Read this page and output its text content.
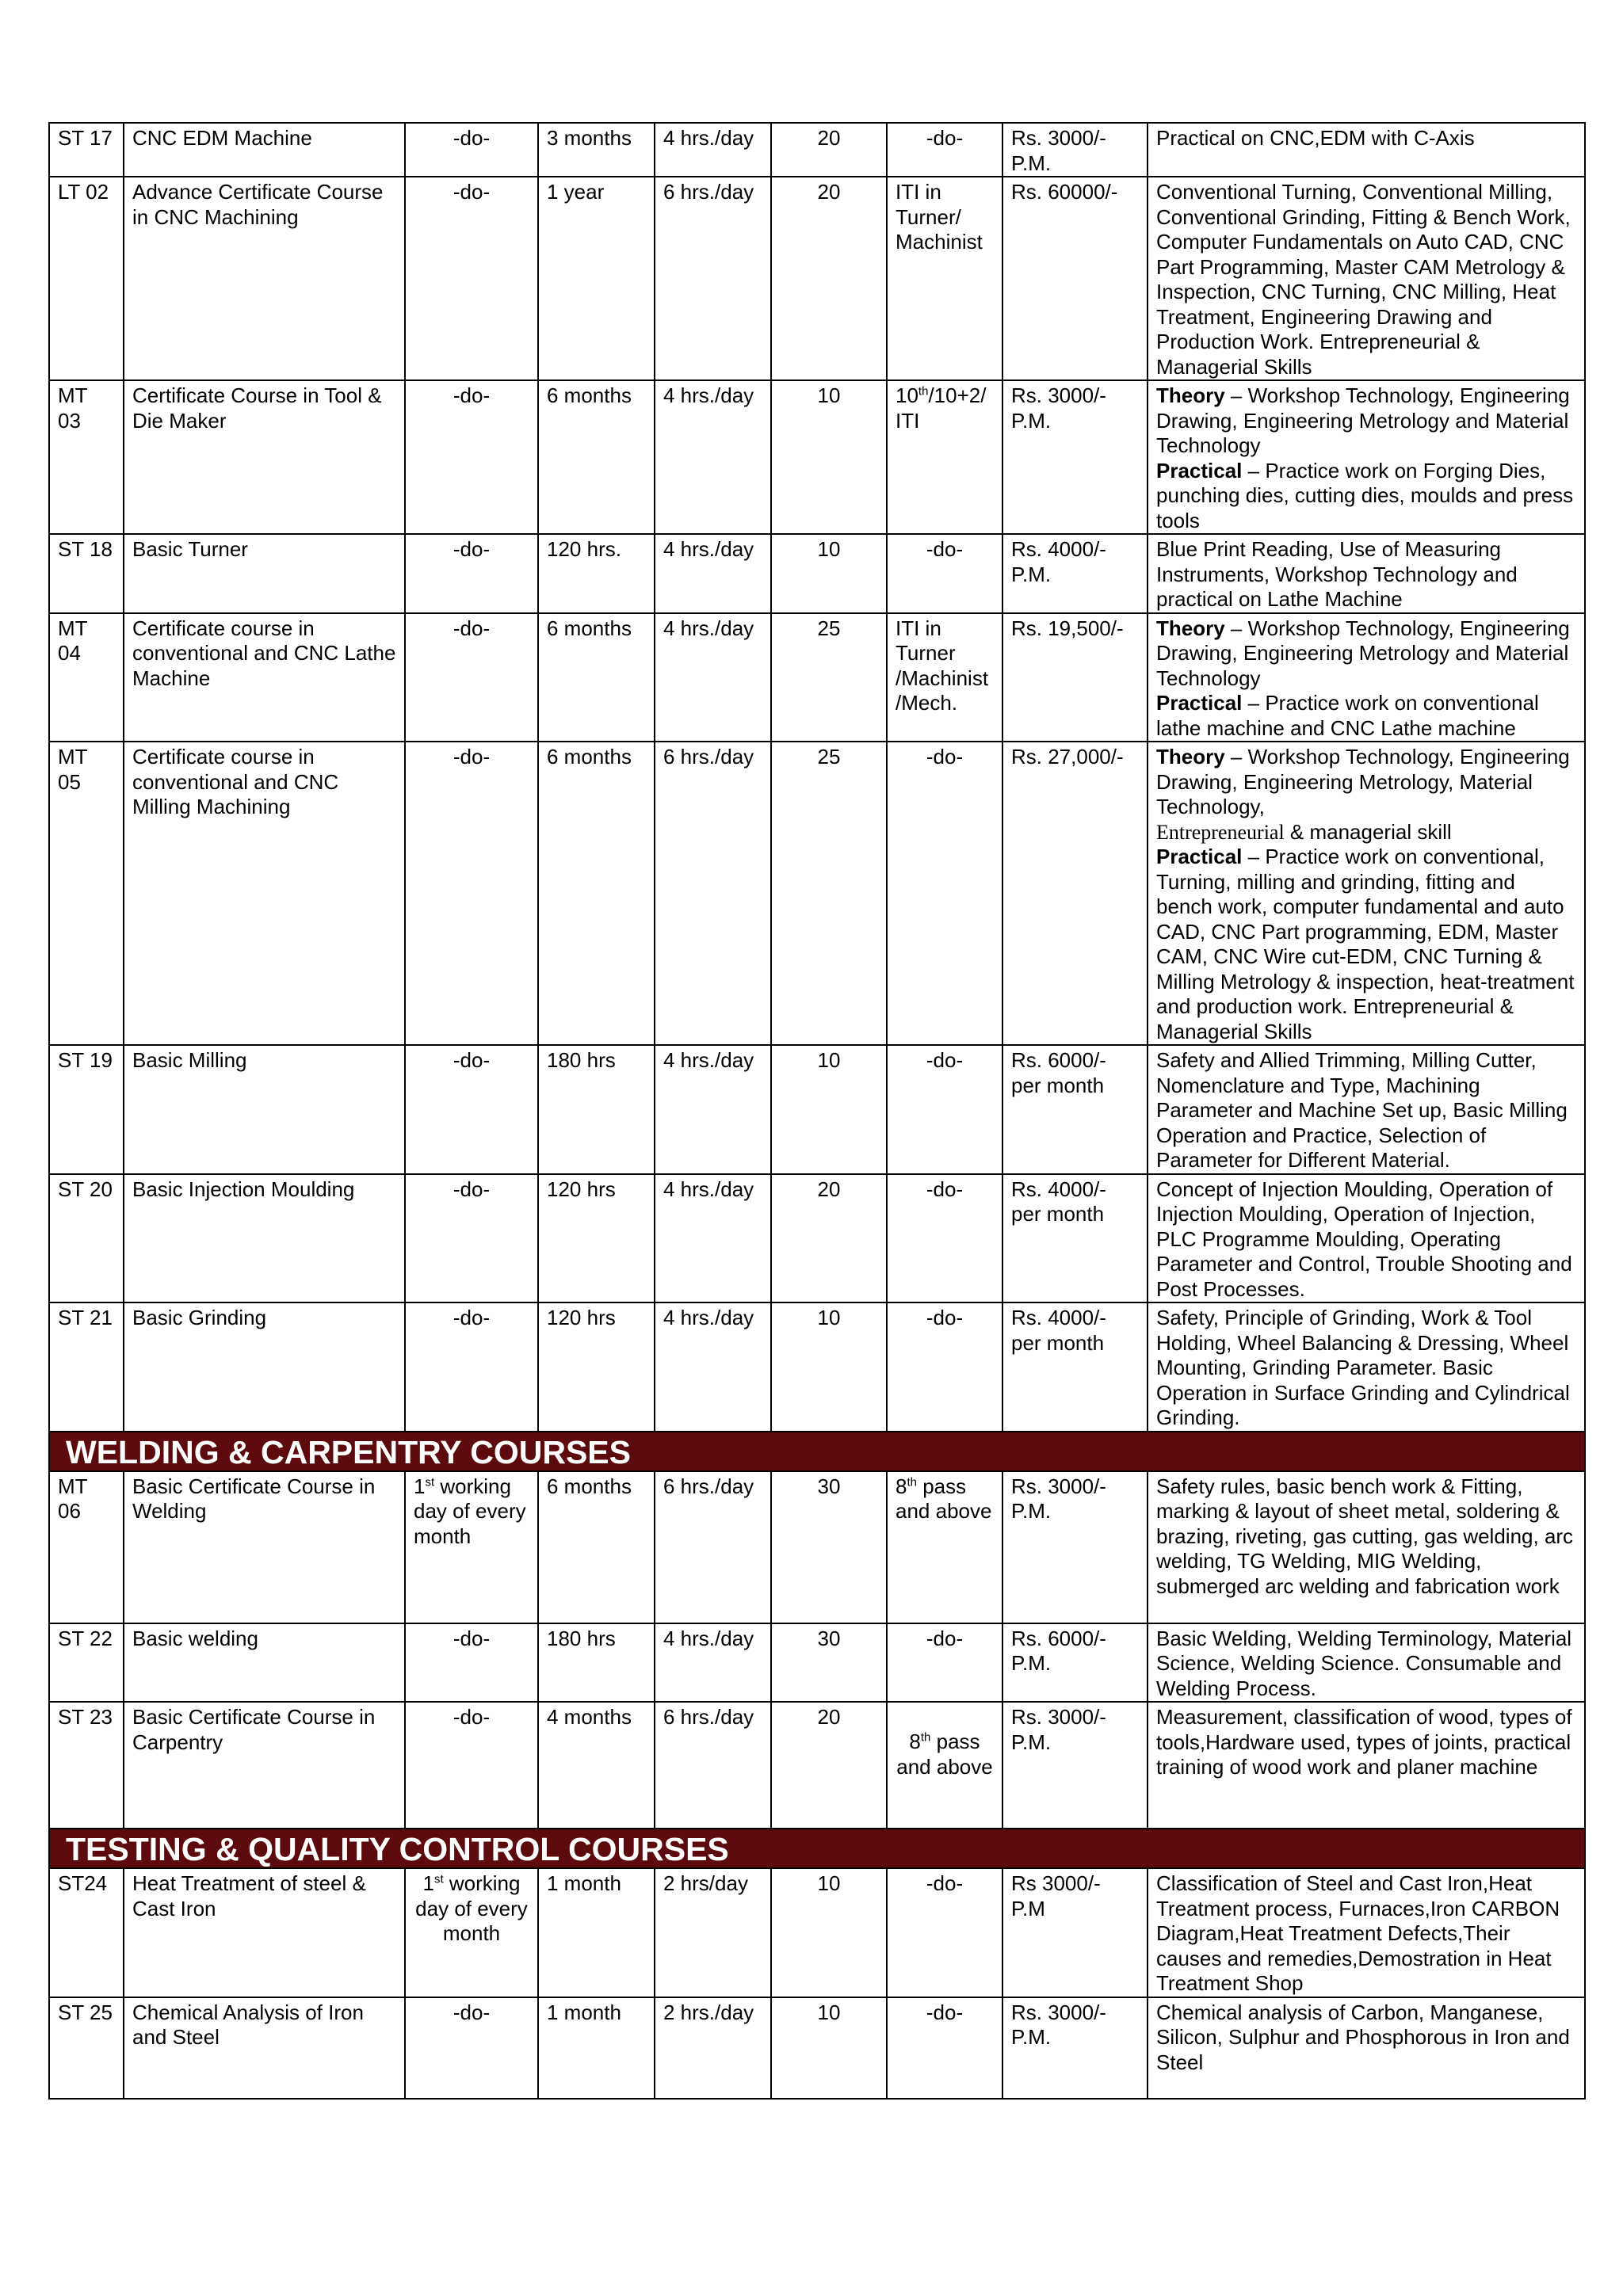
ST 17	CNC EDM Machine	-do-	3 months	4 hrs./day	20	-do-	Rs. 3000/- P.M.	Practical on CNC,EDM with C-Axis
LT 02	Advance Certificate Course in CNC Machining	-do-	1 year	6 hrs./day	20	ITI in Turner/ Machinist	Rs. 60000/-	Conventional Turning, Conventional Milling, Conventional Grinding, Fitting & Bench Work, Computer Fundamentals on Auto CAD, CNC Part Programming, Master CAM Metrology & Inspection, CNC Turning, CNC Milling, Heat Treatment, Engineering Drawing and Production Work. Entrepreneurial & Managerial Skills
MT 03	Certificate Course in Tool & Die Maker	-do-	6 months	4 hrs./day	10	10th/10+2/ ITI	Rs. 3000/- P.M.	Theory – Workshop Technology, Engineering Drawing, Engineering Metrology and Material Technology
Practical – Practice work on Forging Dies, punching dies, cutting dies, moulds and press tools
ST 18	Basic Turner	-do-	120 hrs.	4 hrs./day	10	-do-	Rs. 4000/- P.M.	Blue Print Reading, Use of Measuring Instruments, Workshop Technology and practical on Lathe Machine
MT 04	Certificate course in conventional and CNC Lathe Machine	-do-	6 months	4 hrs./day	25	ITI in Turner /Machinist /Mech.	Rs. 19,500/-	Theory – Workshop Technology, Engineering Drawing, Engineering Metrology and Material Technology
Practical – Practice work on conventional lathe machine and CNC Lathe machine
MT 05	Certificate course in conventional and CNC Milling Machining	-do-	6 months	6 hrs./day	25	-do-	Rs. 27,000/-	Theory – Workshop Technology, Engineering Drawing, Engineering Metrology, Material Technology,
Entrepreneurial & managerial skill
Practical – Practice work on conventional, Turning, milling and grinding, fitting and bench work, computer fundamental and auto CAD, CNC Part programming, EDM, Master CAM, CNC Wire cut-EDM, CNC Turning & Milling Metrology & inspection, heat-treatment and production work. Entrepreneurial & Managerial Skills
ST 19	Basic Milling	-do-	180 hrs	4 hrs./day	10	-do-	Rs. 6000/- per month	Safety and Allied Trimming, Milling Cutter, Nomenclature and Type, Machining Parameter and Machine Set up, Basic Milling Operation and Practice, Selection of Parameter for Different Material.
ST 20	Basic Injection Moulding	-do-	120 hrs	4 hrs./day	20	-do-	Rs. 4000/- per month	Concept of Injection Moulding, Operation of Injection Moulding, Operation of Injection, PLC Programme Moulding, Operating Parameter and Control, Trouble Shooting and Post Processes.
ST 21	Basic Grinding	-do-	120 hrs	4 hrs./day	10	-do-	Rs. 4000/- per month	Safety, Principle of Grinding, Work & Tool Holding, Wheel Balancing & Dressing, Wheel Mounting, Grinding Parameter. Basic Operation in Surface Grinding and Cylindrical Grinding.
WELDING & CARPENTRY COURSES								
MT 06	Basic Certificate Course in Welding	1st working day of every month	6 months	6 hrs./day	30	8th pass and above	Rs. 3000/- P.M.	Safety rules, basic bench work & Fitting, marking & layout of sheet metal, soldering & brazing, riveting, gas cutting, gas welding, arc welding, TG Welding, MIG Welding, submerged arc welding and fabrication work
ST 22	Basic welding	-do-	180 hrs	4 hrs./day	30	-do-	Rs. 6000/- P.M.	Basic Welding, Welding Terminology, Material Science, Welding Science. Consumable and Welding Process.
ST 23	Basic Certificate Course in Carpentry	-do-	4 months	6 hrs./day	20	8th pass and above	Rs. 3000/- P.M.	Measurement, classification of wood, types of tools,Hardware used, types of joints, practical training of wood work and planer machine
TESTING & QUALITY CONTROL COURSES								
ST24	Heat Treatment of steel & Cast Iron	1st working day of every month	1 month	2 hrs/day	10	-do-	Rs 3000/- P.M	Classification of Steel and Cast Iron,Heat Treatment process, Furnaces,Iron CARBON Diagram,Heat Treatment Defects,Their causes and remedies,Demostration in Heat Treatment Shop
ST 25	Chemical Analysis of Iron and Steel	-do-	1 month	2 hrs./day	10	-do-	Rs. 3000/- P.M.	Chemical analysis of Carbon, Manganese, Silicon, Sulphur and Phosphorous in Iron and Steel
